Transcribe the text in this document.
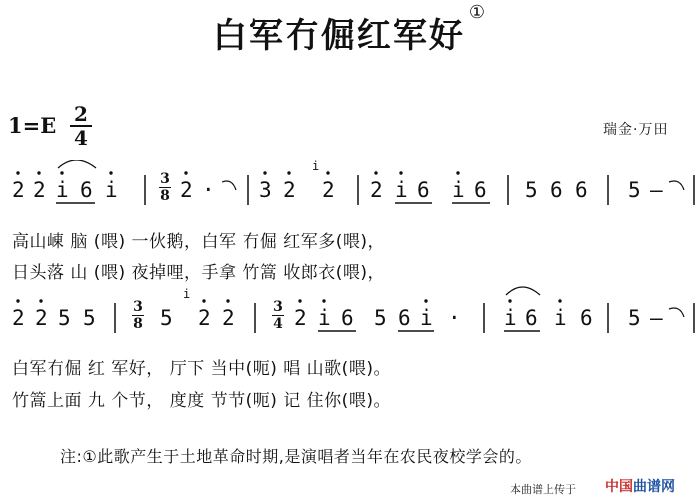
白军冇倔红军好①
1=E 2
4	瑞金·万田
2 2 i 6 i	2 · 3 2 2 2 i 6 i 6 5 6 6 5 –
i
3
8
高山崠 脑 (喂) 一伙鹅，白军 冇倔 红军多(喂)，
日头落 山 (喂) 夜掉哩，手拿 竹篙 收郎衣(喂)，
2 2 5 5	5 2 2	2 i 6 5 6 i · i 6 i 6 5 –
i
3
8
3
4
白军冇倔 红 军好， 厅下 当中(呃) 唱 山歌(喂)。
竹篙上面 九 个节， 度度 节节(呃) 记 住你(喂)。
注:①此歌产生于土地革命时期,是演唱者当年在农民夜校学会的。
本曲谱上传于 中国曲谱网
